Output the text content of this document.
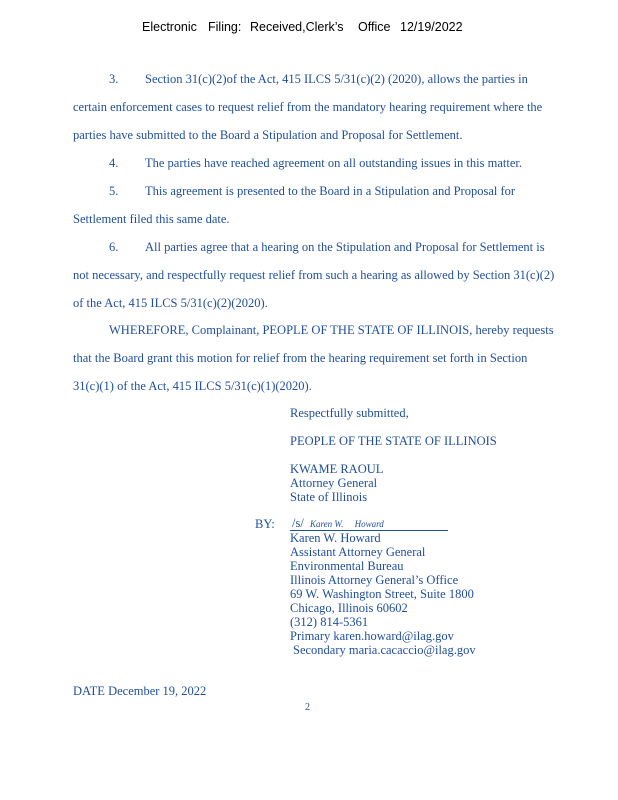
Electronic Filing: Received,Clerk’s Office 12/19/2022
3. Section 31(c)(2)of the Act, 415 ILCS 5/31(c)(2) (2020), allows the parties in
certain enforcement cases to request relief from the mandatory hearing requirement where the
parties have submitted to the Board a Stipulation and Proposal for Settlement.
4. The parties have reached agreement on all outstanding issues in this matter.
5. This agreement is presented to the Board in a Stipulation and Proposal for
Settlement filed this same date.
6. All parties agree that a hearing on the Stipulation and Proposal for Settlement is
not necessary, and respectfully request relief from such a hearing as allowed by Section 31(c)(2)
of the Act, 415 ILCS 5/31(c)(2)(2020).
WHEREFORE, Complainant, PEOPLE OF THE STATE OF ILLINOIS, hereby requests
that the Board grant this motion for relief from the hearing requirement set forth in Section
31(c)(1) of the Act, 415 ILCS 5/31(c)(1)(2020).
Respectfully submitted,
PEOPLE OF THE STATE OF ILLINOIS
KWAME RAOUL
Attorney General
State of Illinois
BY: /s/ Karen W.     Howard
Karen W. Howard
Assistant Attorney General
Environmental Bureau
Illinois Attorney General’s Office
69 W. Washington Street, Suite 1800
Chicago, Illinois 60602
(312) 814-5361
Primary karen.howard@ilag.gov
Secondary maria.cacaccio@ilag.gov
DATE December 19, 2022
2
